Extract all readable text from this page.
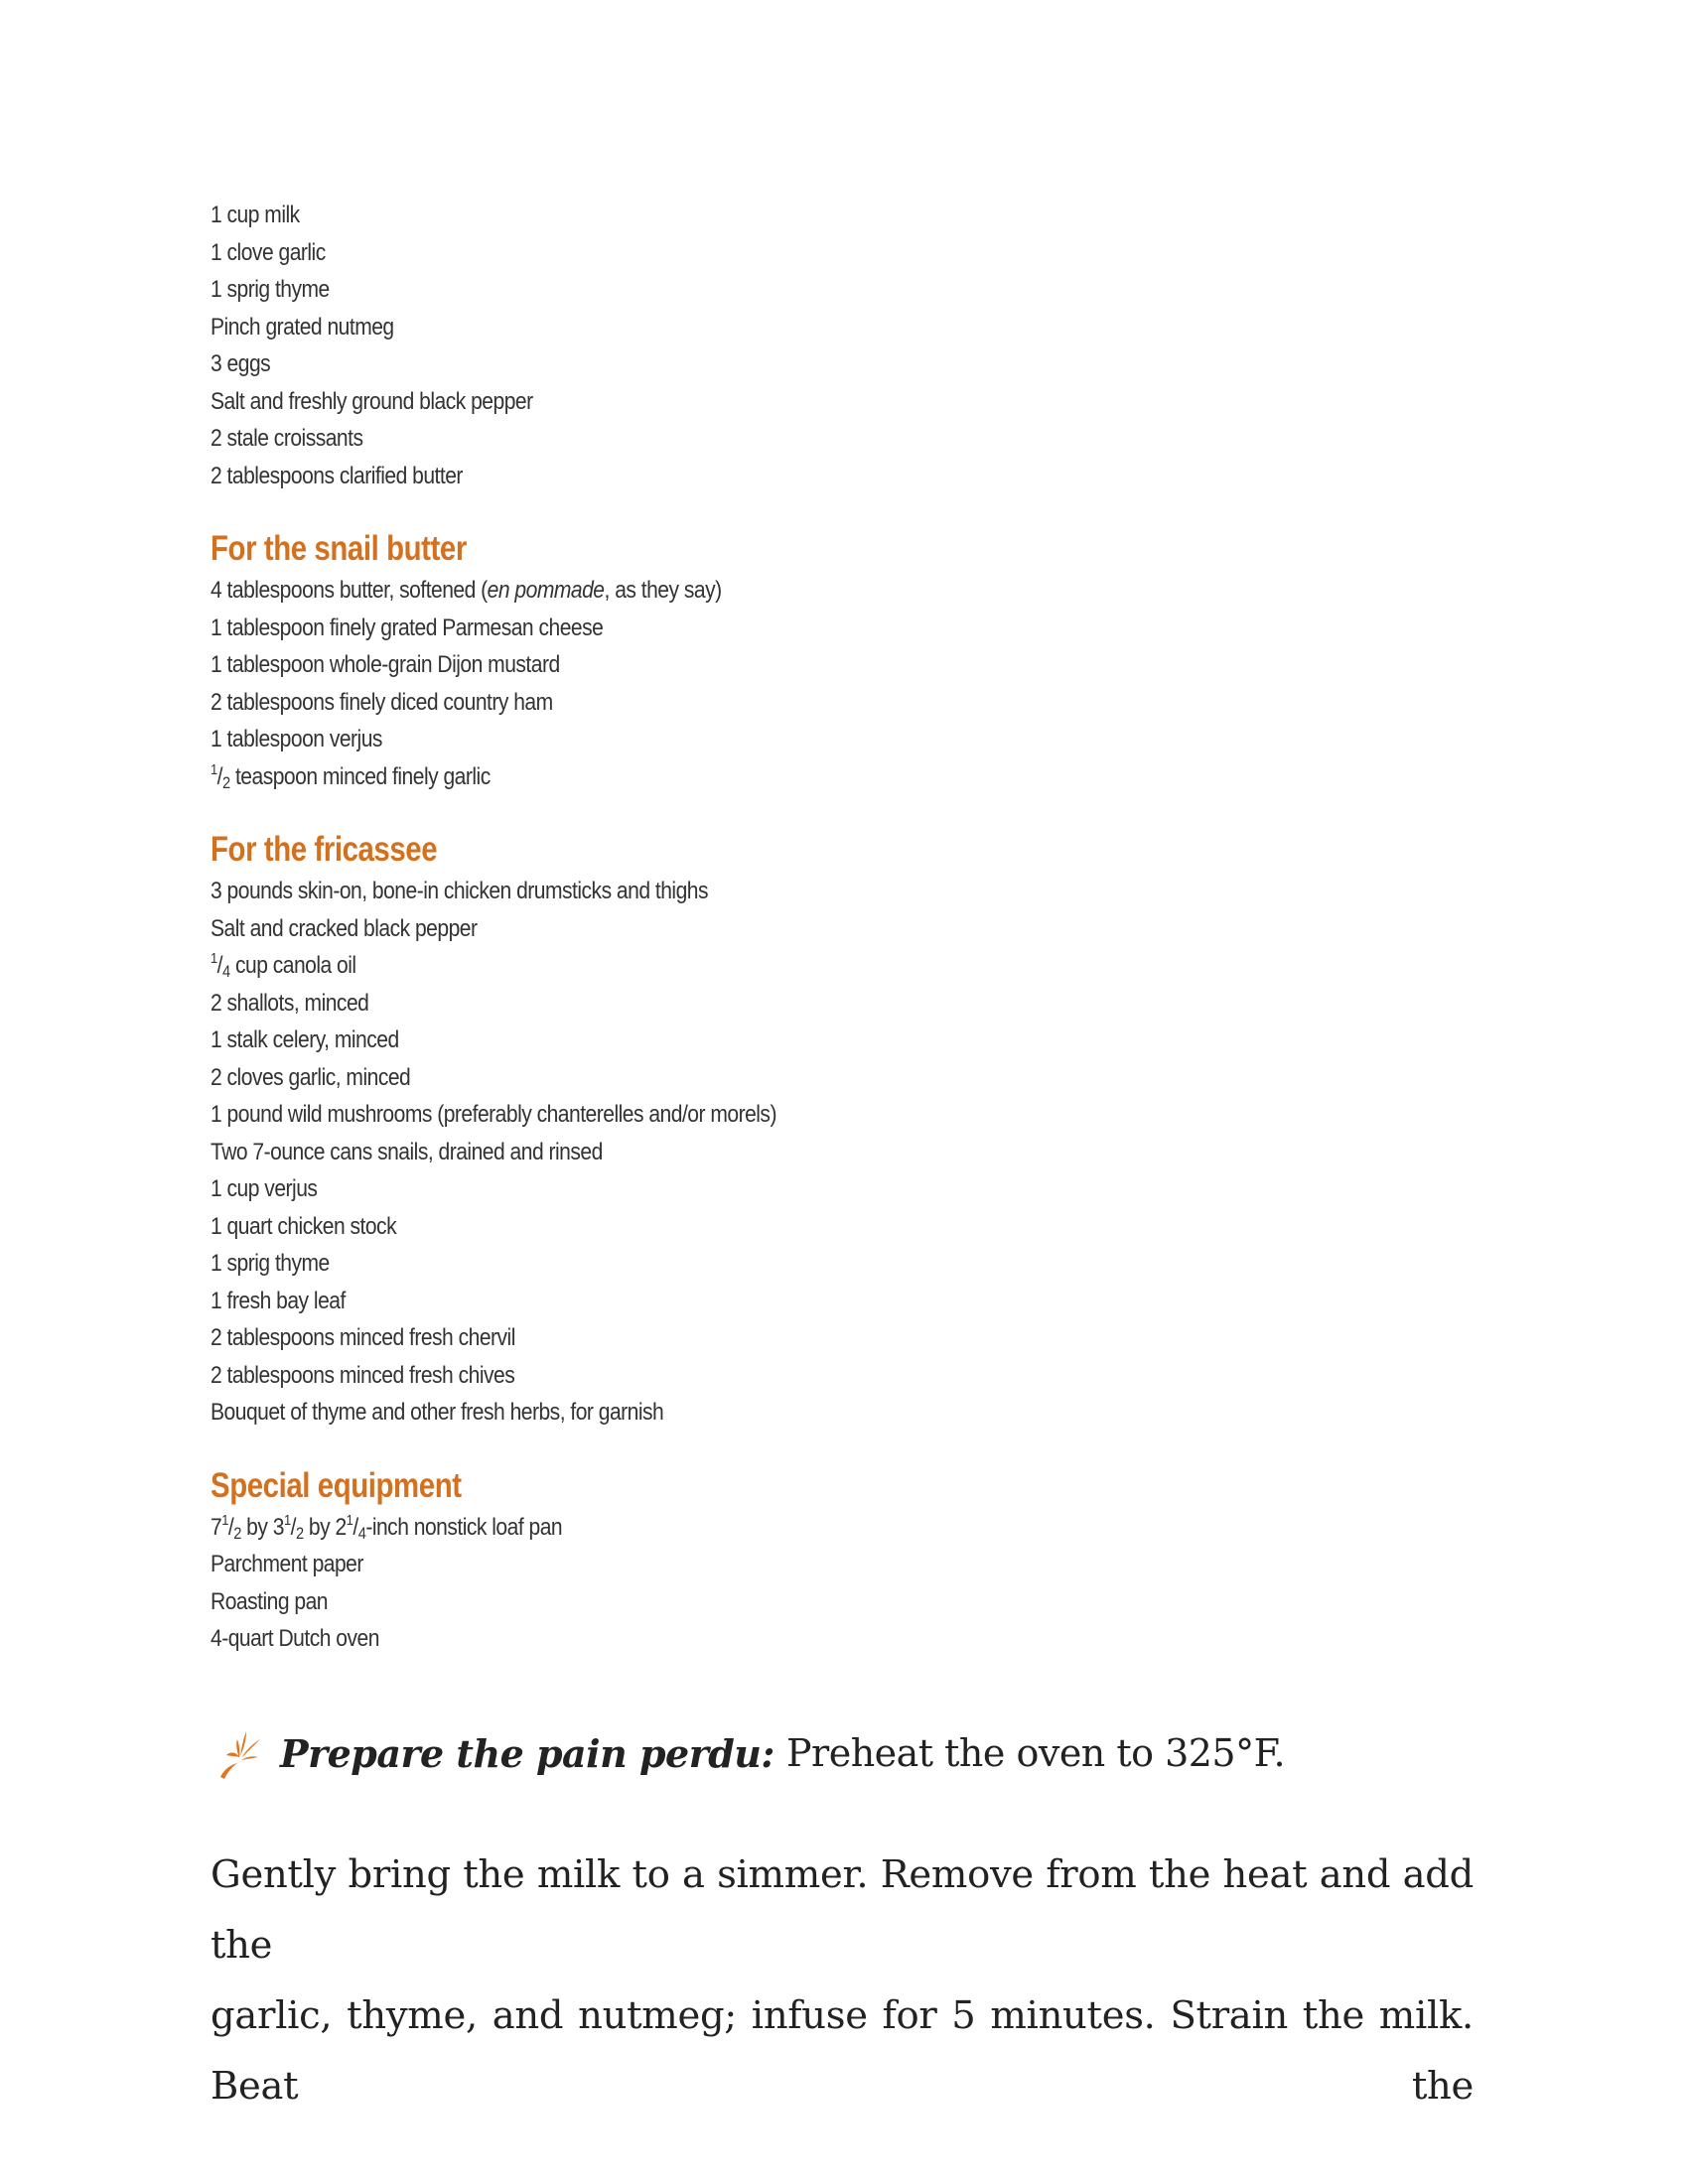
1 cup milk
1 clove garlic
1 sprig thyme
Pinch grated nutmeg
3 eggs
Salt and freshly ground black pepper
2 stale croissants
2 tablespoons clarified butter
For the snail butter
4 tablespoons butter, softened (en pommade, as they say)
1 tablespoon finely grated Parmesan cheese
1 tablespoon whole-grain Dijon mustard
2 tablespoons finely diced country ham
1 tablespoon verjus
$^1$/2 teaspoon minced finely garlic
For the fricassee
3 pounds skin-on, bone-in chicken drumsticks and thighs
Salt and cracked black pepper
$^1$/4 cup canola oil
2 shallots, minced
1 stalk celery, minced
2 cloves garlic, minced
1 pound wild mushrooms (preferably chanterelles and/or morels)
Two 7-ounce cans snails, drained and rinsed
1 cup verjus
1 quart chicken stock
1 sprig thyme
1 fresh bay leaf
2 tablespoons minced fresh chervil
2 tablespoons minced fresh chives
Bouquet of thyme and other fresh herbs, for garnish
Special equipment
$7^1/2$ by $3^1/2$ by $2^1/4$-inch nonstick loaf pan
Parchment paper
Roasting pan
4-quart Dutch oven
Prepare the pain perdu: Preheat the oven to 325°F.
Gently bring the milk to a simmer. Remove from the heat and add the
garlic, thyme, and nutmeg; infuse for 5 minutes. Strain the milk. Beat the
